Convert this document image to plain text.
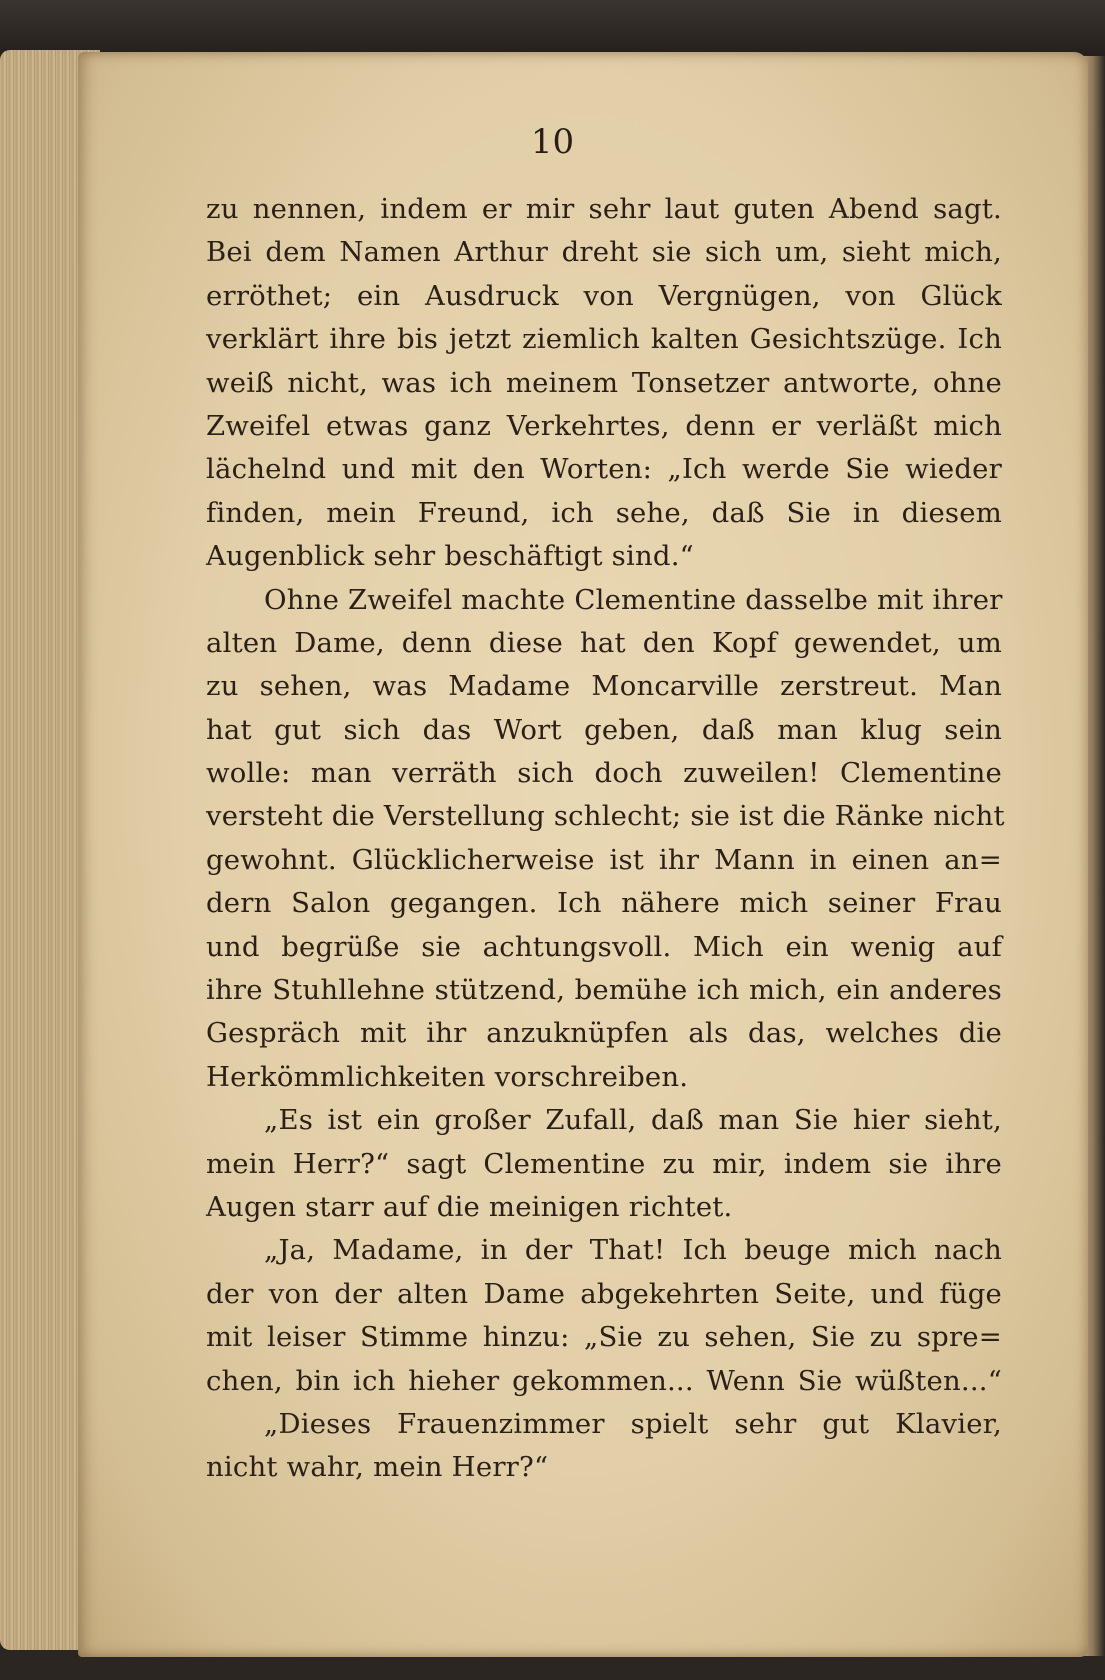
10

zu nennen, indem er mir sehr laut guten Abend sagt.
Bei dem Namen Arthur dreht sie sich um, sieht mich,
erröthet; ein Ausdruck von Vergnügen, von Glück
verklärt ihre bis jetzt ziemlich kalten Gesichtszüge. Ich
weiß nicht, was ich meinem Tonsetzer antworte, ohne
Zweifel etwas ganz Verkehrtes, denn er verläßt mich
lächelnd und mit den Worten: „Ich werde Sie wieder
finden, mein Freund, ich sehe, daß Sie in diesem
Augenblick sehr beschäftigt sind.“
Ohne Zweifel machte Clementine dasselbe mit ihrer
alten Dame, denn diese hat den Kopf gewendet, um
zu sehen, was Madame Moncarville zerstreut. Man
hat gut sich das Wort geben, daß man klug sein
wolle: man verräth sich doch zuweilen! Clementine
versteht die Verstellung schlecht; sie ist die Ränke nicht
gewohnt. Glücklicherweise ist ihr Mann in einen an=
dern Salon gegangen. Ich nähere mich seiner Frau
und begrüße sie achtungsvoll. Mich ein wenig auf
ihre Stuhllehne stützend, bemühe ich mich, ein anderes
Gespräch mit ihr anzuknüpfen als das, welches die
Herkömmlichkeiten vorschreiben.
„Es ist ein großer Zufall, daß man Sie hier sieht,
mein Herr?“ sagt Clementine zu mir, indem sie ihre
Augen starr auf die meinigen richtet.
„Ja, Madame, in der That! Ich beuge mich nach
der von der alten Dame abgekehrten Seite, und füge
mit leiser Stimme hinzu: „Sie zu sehen, Sie zu spre=
chen, bin ich hieher gekommen... Wenn Sie wüßten...“
„Dieses Frauenzimmer spielt sehr gut Klavier,
nicht wahr, mein Herr?“
